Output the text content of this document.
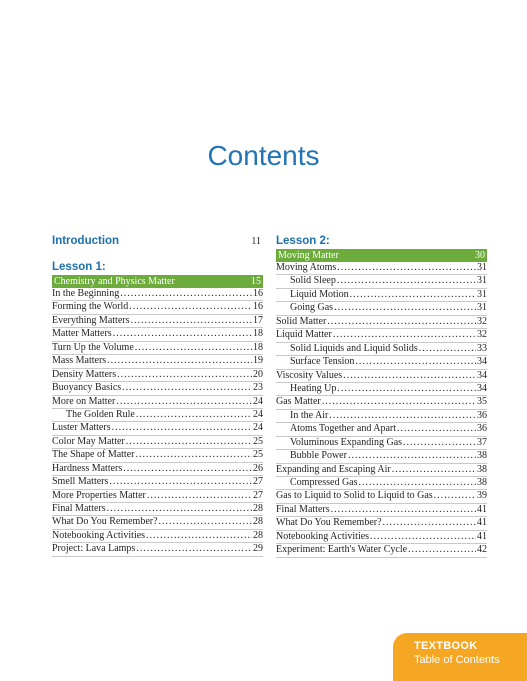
Contents
Introduction	11
Lesson 1:
Chemistry and Physics Matter	15
In the Beginning .....	16
Forming the World .....	16
Everything Matters .....	17
Matter Matters .....	18
Turn Up the Volume .....	18
Mass Matters .....	19
Density Matters .....	20
Buoyancy Basics .....	23
More on Matter .....	24
The Golden Rule .....	24
Luster Matters .....	24
Color May Matter .....	25
The Shape of Matter .....	25
Hardness Matters .....	26
Smell Matters .....	27
More Properties Matter .....	27
Final Matters .....	28
What Do You Remember? .....	28
Notebooking Activities .....	28
Project: Lava Lamps .....	29
Lesson 2:
Moving Matter	30
Moving Atoms .....	31
Solid Sleep .....	31
Liquid Motion .....	31
Going Gas .....	31
Solid Matter .....	32
Liquid Matter .....	32
Solid Liquids and Liquid Solids .....	33
Surface Tension .....	34
Viscosity Values .....	34
Heating Up .....	34
Gas Matter .....	35
In the Air .....	36
Atoms Together and Apart .....	36
Voluminous Expanding Gas .....	37
Bubble Power .....	38
Expanding and Escaping Air .....	38
Compressed Gas .....	38
Gas to Liquid to Solid to Liquid to Gas .....	39
Final Matters .....	41
What Do You Remember? .....	41
Notebooking Activities .....	41
Experiment: Earth's Water Cycle .....	42
TEXTBOOK
Table of Contents
